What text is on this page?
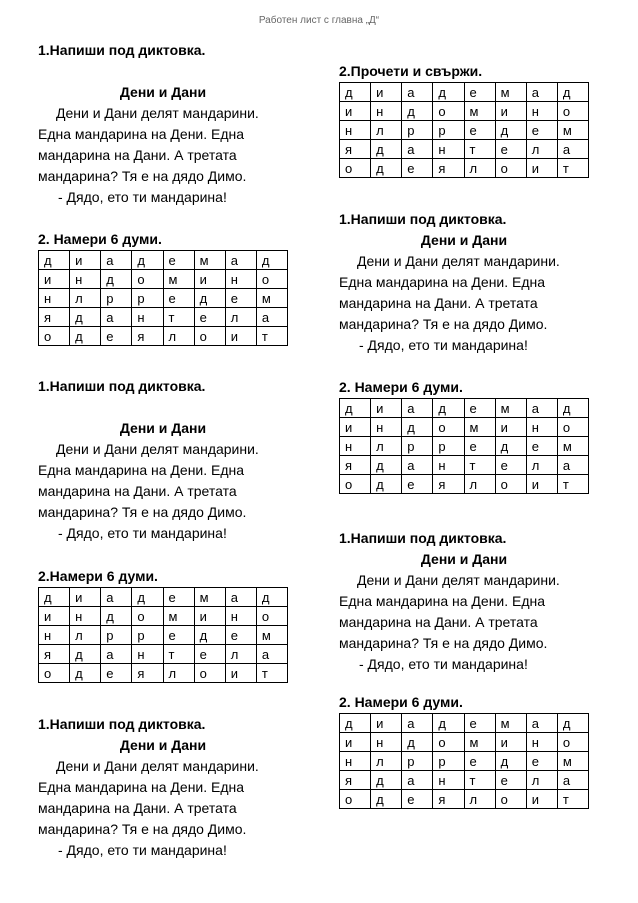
Работен лист с главна „Д“
1.Напиши под диктовка.
Дени и Дани
Дени и Дани делят мандарини.
Една мандарина на Дени. Една
мандарина на Дани. А третата
мандарина? Тя е на дядо Димо.
- Дядо, ето ти мандарина!
2. Намери 6 думи.
д	и	а	д	е	м	а	д
и	н	д	о	м	и	н	о
н	л	р	р	е	д	е	м
я	д	а	н	т	е	л	а
о	д	е	я	л	о	и	т
1.Напиши под диктовка.
Дени и Дани
Дени и Дани делят мандарини.
Една мандарина на Дени. Една
мандарина на Дани. А третата
мандарина? Тя е на дядо Димо.
- Дядо, ето ти мандарина!
2.Намери 6 думи.
д	и	а	д	е	м	а	д
и	н	д	о	м	и	н	о
н	л	р	р	е	д	е	м
я	д	а	н	т	е	л	а
о	д	е	я	л	о	и	т
1.Напиши под диктовка.
Дени и Дани
Дени и Дани делят мандарини.
Една мандарина на Дени. Една
мандарина на Дани. А третата
мандарина? Тя е на дядо Димо.
- Дядо, ето ти мандарина!
2.Прочети и свържи.
д	и	а	д	е	м	а	д
и	н	д	о	м	и	н	о
н	л	р	р	е	д	е	м
я	д	а	н	т	е	л	а
о	д	е	я	л	о	и	т
1.Напиши под диктовка.
Дени и Дани
Дени и Дани делят мандарини.
Една мандарина на Дени. Една
мандарина на Дани. А третата
мандарина? Тя е на дядо Димо.
- Дядо, ето ти мандарина!
2. Намери 6 думи.
д	и	а	д	е	м	а	д
и	н	д	о	м	и	н	о
н	л	р	р	е	д	е	м
я	д	а	н	т	е	л	а
о	д	е	я	л	о	и	т
1.Напиши под диктовка.
Дени и Дани
Дени и Дани делят мандарини.
Една мандарина на Дени. Една
мандарина на Дани. А третата
мандарина? Тя е на дядо Димо.
- Дядо, ето ти мандарина!
2. Намери 6 думи.
д	и	а	д	е	м	а	д
и	н	д	о	м	и	н	о
н	л	р	р	е	д	е	м
я	д	а	н	т	е	л	а
о	д	е	я	л	о	и	т
